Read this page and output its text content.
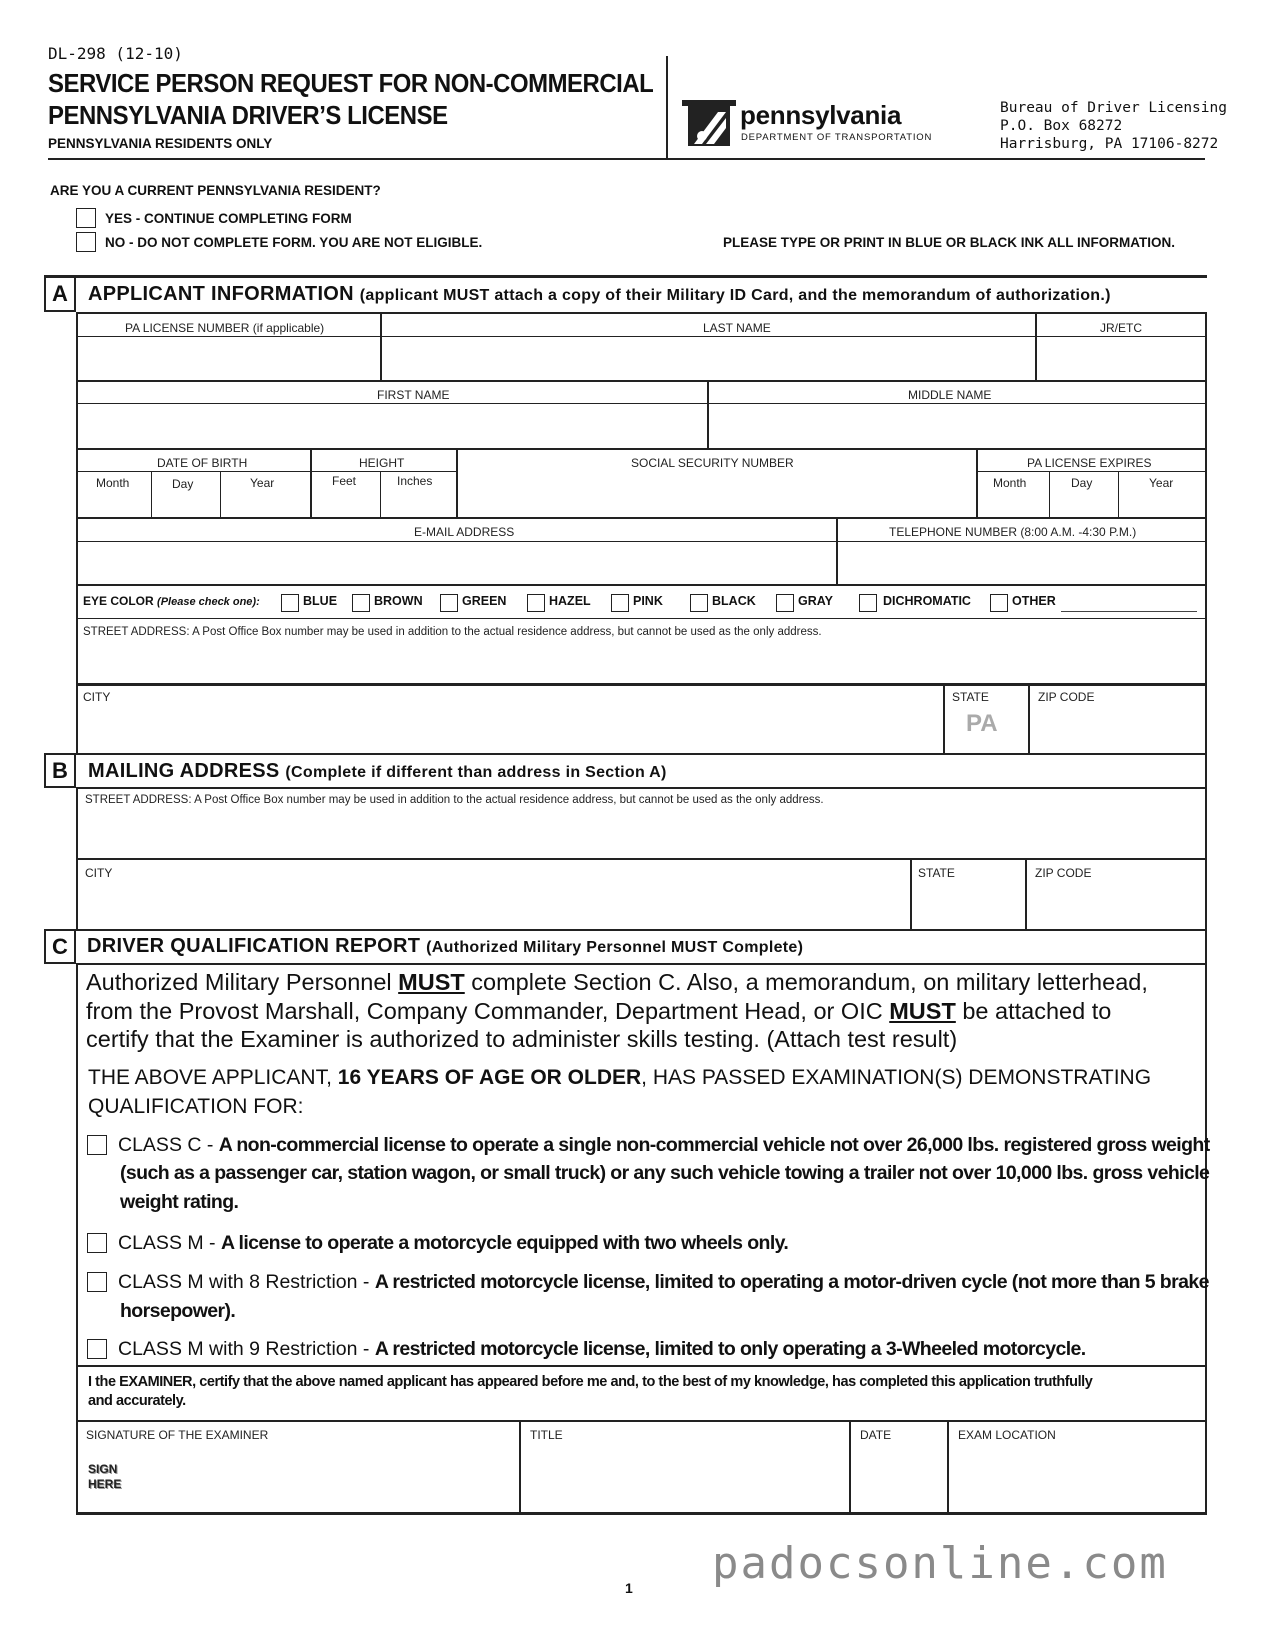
DL-298 (12-10)
SERVICE PERSON REQUEST FOR NON-COMMERCIAL
PENNSYLVANIA DRIVER’S LICENSE
PENNSYLVANIA RESIDENTS ONLY
pennsylvania
DEPARTMENT OF TRANSPORTATION
Bureau of Driver Licensing
P.O. Box 68272
Harrisburg, PA 17106-8272
ARE YOU A CURRENT PENNSYLVANIA RESIDENT?
YES - CONTINUE COMPLETING FORM
NO - DO NOT COMPLETE FORM. YOU ARE NOT ELIGIBLE.	PLEASE TYPE OR PRINT IN BLUE OR BLACK INK ALL INFORMATION.
A	APPLICANT INFORMATION (applicant MUST attach a copy of their Military ID Card, and the memorandum of authorization.)
PA LICENSE NUMBER (if applicable)	LAST NAME	JR/ETC
FIRST NAME	MIDDLE NAME
DATE OF BIRTH	HEIGHT	SOCIAL SECURITY NUMBER	PA LICENSE EXPIRES
Month	Day	Year	Feet	Inches	Month	Day	Year
E-MAIL ADDRESS	TELEPHONE NUMBER (8:00 A.M. -4:30 P.M.)
EYE COLOR (Please check one):	BLUE	BROWN	GREEN	HAZEL	PINK	BLACK	GRAY	DICHROMATIC	OTHER
STREET ADDRESS: A Post Office Box number may be used in addition to the actual residence address, but cannot be used as the only address.
CITY	STATE	ZIP CODE
PA
B	MAILING ADDRESS (Complete if different than address in Section A)
STREET ADDRESS: A Post Office Box number may be used in addition to the actual residence address, but cannot be used as the only address.
CITY	STATE	ZIP CODE
C DRIVER QUALIFICATION REPORT (Authorized Military Personnel MUST Complete)
Authorized Military Personnel MUST complete Section C. Also, a memorandum, on military letterhead,
from the Provost Marshall, Company Commander, Department Head, or OIC MUST be attached to
certify that the Examiner is authorized to administer skills testing. (Attach test result)
THE ABOVE APPLICANT, 16 YEARS OF AGE OR OLDER, HAS PASSED EXAMINATION(S) DEMONSTRATING
QUALIFICATION FOR:
CLASS C - A non-commercial license to operate a single non-commercial vehicle not over 26,000 lbs. registered gross weight
(such as a passenger car, station wagon, or small truck) or any such vehicle towing a trailer not over 10,000 lbs. gross vehicle
weight rating.
CLASS M - A license to operate a motorcycle equipped with two wheels only.
CLASS M with 8 Restriction - A restricted motorcycle license, limited to operating a motor-driven cycle (not more than 5 brake
horsepower).
CLASS M with 9 Restriction - A restricted motorcycle license, limited to only operating a 3-Wheeled motorcycle.
I the EXAMINER, certify that the above named applicant has appeared before me and, to the best of my knowledge, has completed this application truthfully
and accurately.
SIGNATURE OF THE EXAMINER	TITLE	DATE	EXAM LOCATION
SIGN
HERE
padocsonline.com
1
